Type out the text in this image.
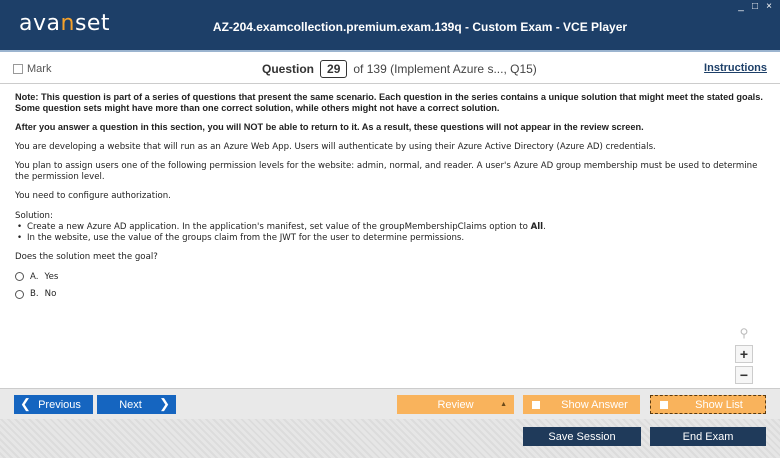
avanset	AZ-204.examcollection.premium.exam.139q - Custom Exam - VCE Player
_ □ ×
Mark	Question	29	of 139 (Implement Azure s..., Q15)	Instructions

Note: This question is part of a series of questions that present the same scenario. Each question in the series contains a unique solution that might meet the stated goals. Some question sets might have more than one correct solution, while others might not have a correct solution.

After you answer a question in this section, you will NOT be able to return to it. As a result, these questions will not appear in the review screen.

You are developing a website that will run as an Azure Web App. Users will authenticate by using their Azure Active Directory (Azure AD) credentials.

You plan to assign users one of the following permission levels for the website: admin, normal, and reader. A user's Azure AD group membership must be used to determine the permission level.

You need to configure authorization.

Solution:
• Create a new Azure AD application. In the application's manifest, set value of the groupMembershipClaims option to All.
• In the website, use the value of the groups claim from the JWT for the user to determine permissions.

Does the solution meet the goal?

A. Yes
B. No
⚲
+
−
❮ Previous	Next	❯	Review	▲	Show Answer	Show List
Save Session	End Exam
